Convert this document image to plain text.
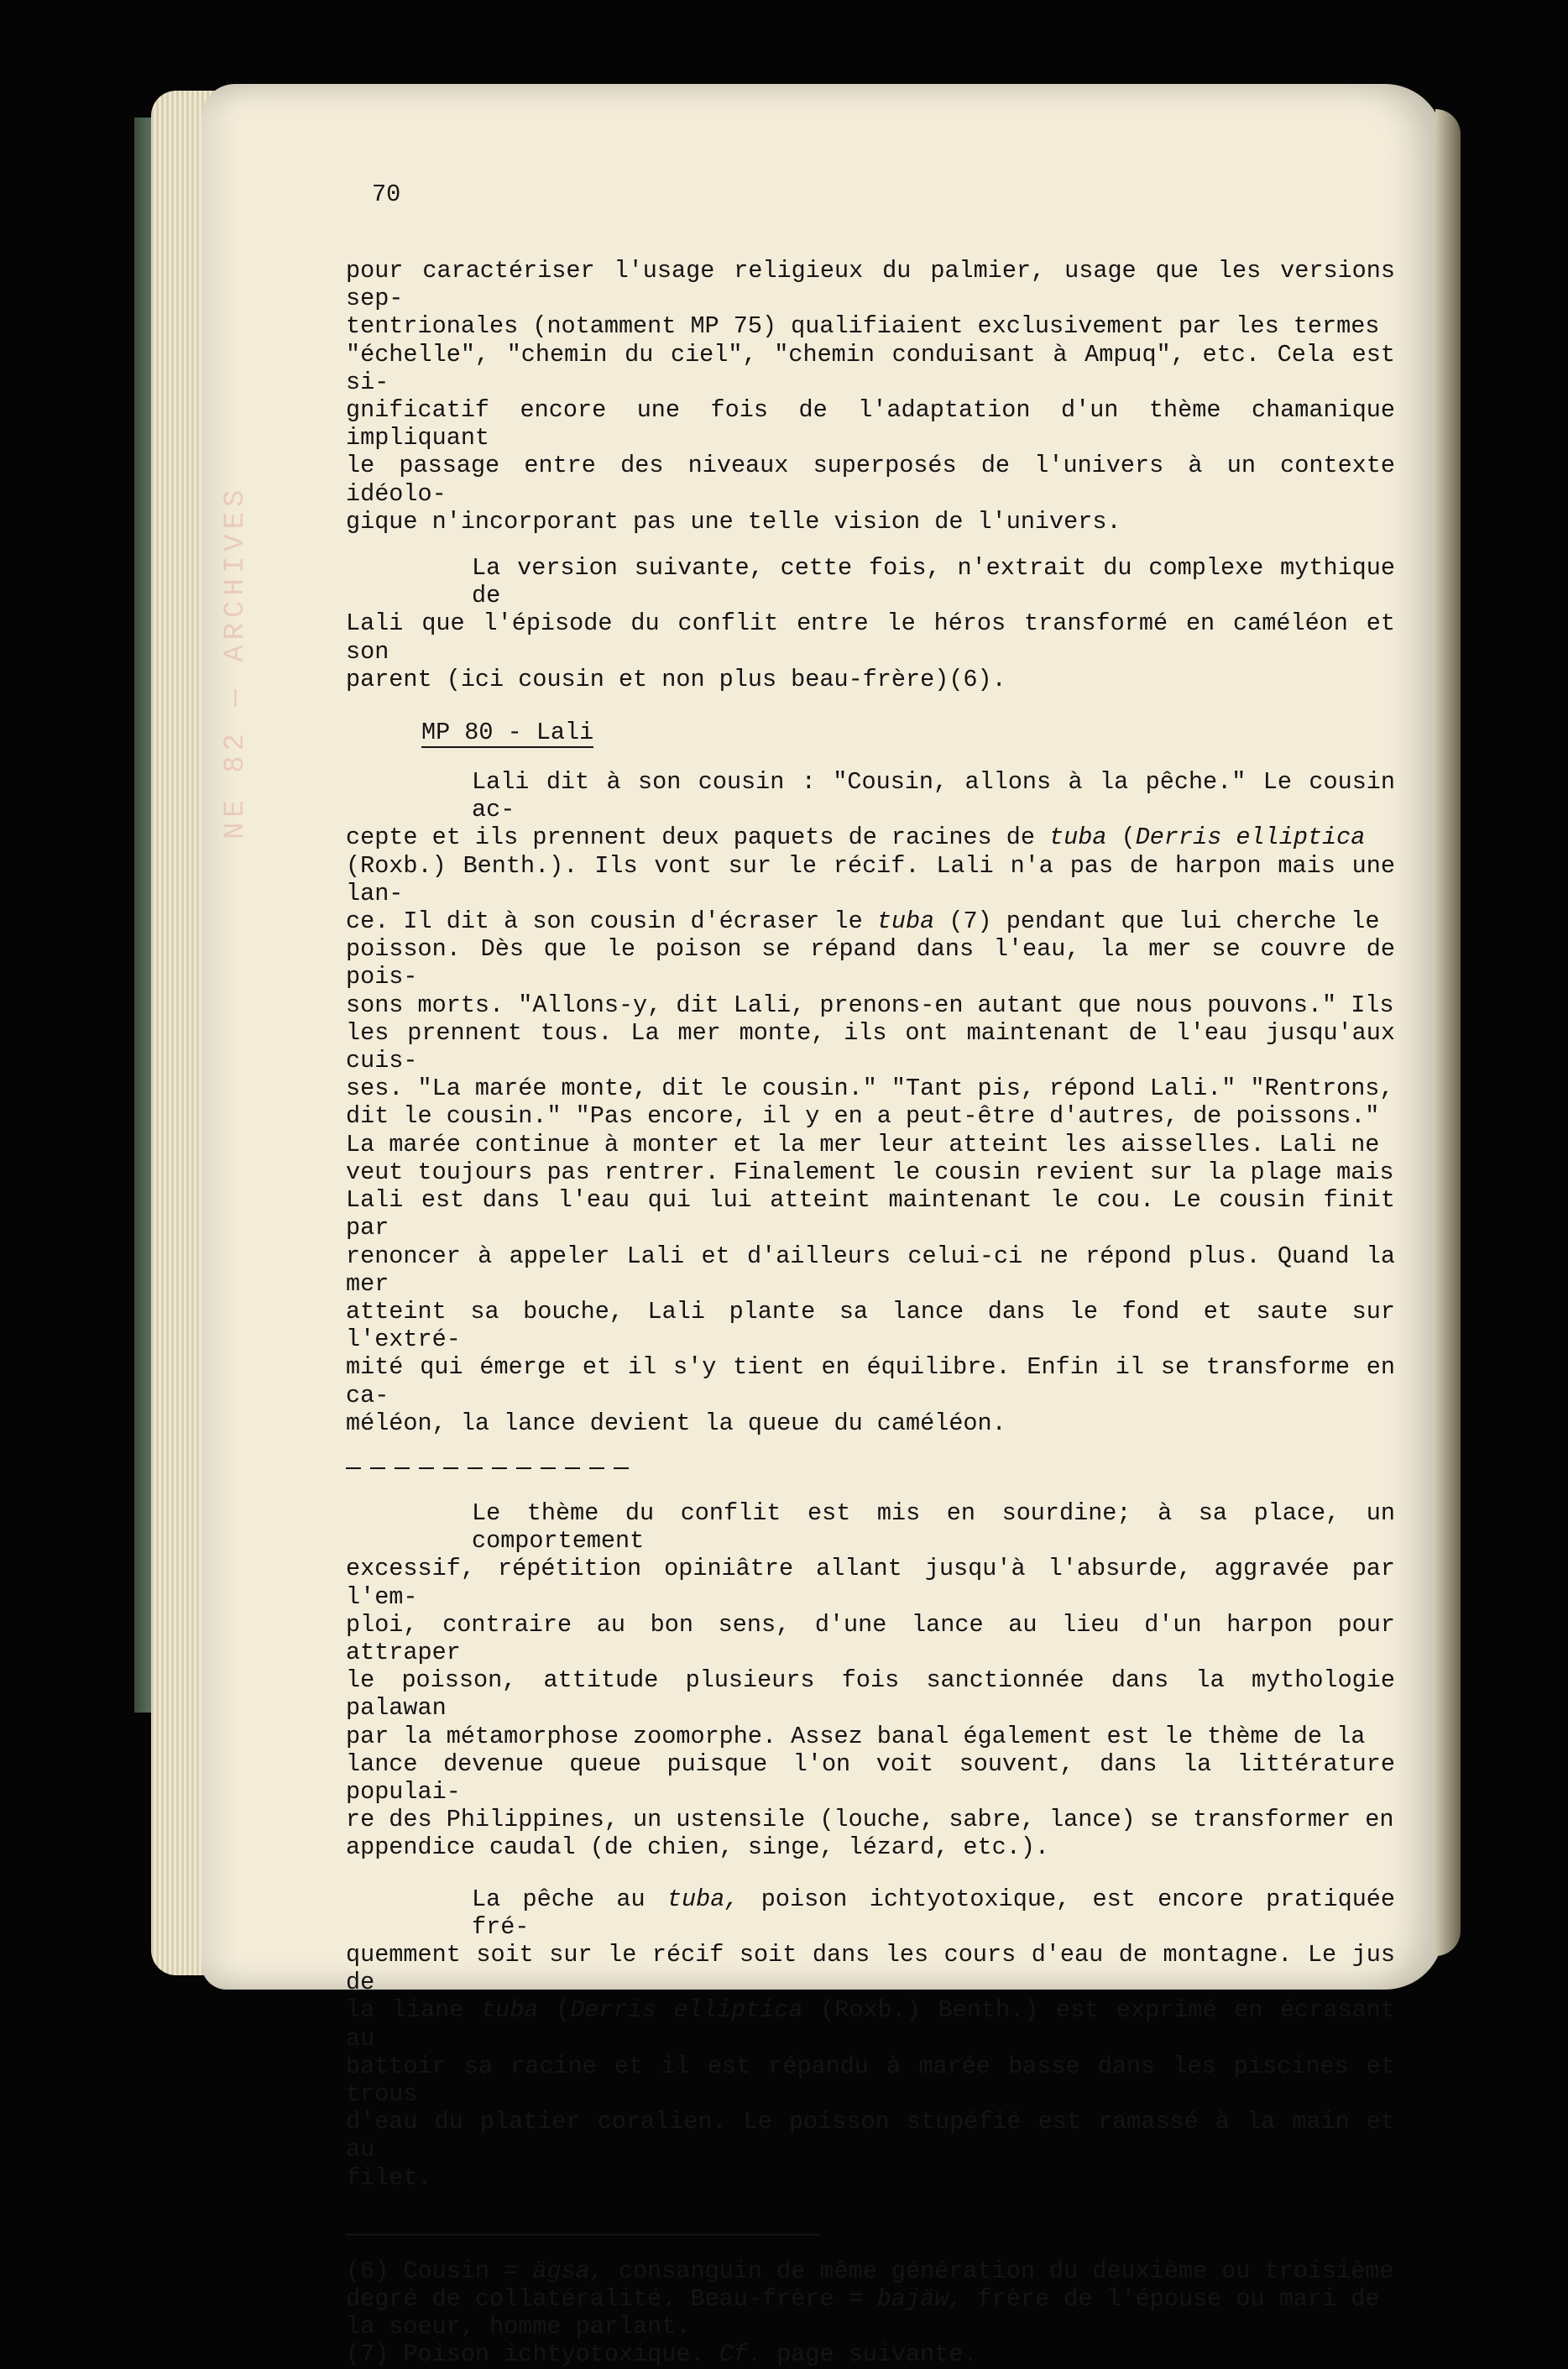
NE 82 — ARCHIVES
70
pour caractériser l'usage religieux du palmier, usage que les versions sep-
tentrionales (notamment MP 75) qualifiaient exclusivement par les termes
"échelle", "chemin du ciel", "chemin conduisant à Ampuq", etc. Cela est si-
gnificatif encore une fois de l'adaptation d'un thème chamanique impliquant
le passage entre des niveaux superposés de l'univers à un contexte idéolo-
gique n'incorporant pas une telle vision de l'univers.
La version suivante, cette fois, n'extrait du complexe mythique de
Lali que l'épisode du conflit entre le héros transformé en caméléon et son
parent (ici cousin et non plus beau-frère)(6).
MP 80 - Lali
Lali dit à son cousin : "Cousin, allons à la pêche." Le cousin ac-
cepte et ils prennent deux paquets de racines de tuba (Derris elliptica
(Roxb.) Benth.). Ils vont sur le récif. Lali n'a pas de harpon mais une lan-
ce. Il dit à son cousin d'écraser le tuba (7) pendant que lui cherche le
poisson. Dès que le poison se répand dans l'eau, la mer se couvre de pois-
sons morts. "Allons-y, dit Lali, prenons-en autant que nous pouvons." Ils
les prennent tous. La mer monte, ils ont maintenant de l'eau jusqu'aux cuis-
ses. "La marée monte, dit le cousin." "Tant pis, répond Lali." "Rentrons,
dit le cousin." "Pas encore, il y en a peut-être d'autres, de poissons."
La marée continue à monter et la mer leur atteint les aisselles. Lali ne
veut toujours pas rentrer. Finalement le cousin revient sur la plage mais
Lali est dans l'eau qui lui atteint maintenant le cou. Le cousin finit par
renoncer à appeler Lali et d'ailleurs celui-ci ne répond plus. Quand la mer
atteint sa bouche, Lali plante sa lance dans le fond et saute sur l'extré-
mité qui émerge et il s'y tient en équilibre. Enfin il se transforme en ca-
méléon, la lance devient la queue du caméléon.
Le thème du conflit est mis en sourdine; à sa place, un comportement
excessif, répétition opiniâtre allant jusqu'à l'absurde, aggravée par l'em-
ploi, contraire au bon sens, d'une lance au lieu d'un harpon pour attraper
le poisson, attitude plusieurs fois sanctionnée dans la mythologie palawan
par la métamorphose zoomorphe. Assez banal également est le thème de la
lance devenue queue puisque l'on voit souvent, dans la littérature populai-
re des Philippines, un ustensile (louche, sabre, lance) se transformer en
appendice caudal (de chien, singe, lézard, etc.).
La pêche au tuba, poison ichtyotoxique, est encore pratiquée fré-
quemment soit sur le récif soit dans les cours d'eau de montagne. Le jus de
la liane tuba (Derris elliptica (Roxb.) Benth.) est exprimé en écrasant au
battoir sa racine et il est répandu à marée basse dans les piscines et trous
d'eau du platier coralien. Le poisson stupéfié est ramassé à la main et au
filet.
(6) Cousin = ägsa, consanguin de même génération du deuxième ou troisième
degré de collatéralité. Beau-frère = bajäw, frère de l'épouse ou mari de
la soeur, homme parlant.
(7) Poison ichtyotoxique. Cf. page suivante.
